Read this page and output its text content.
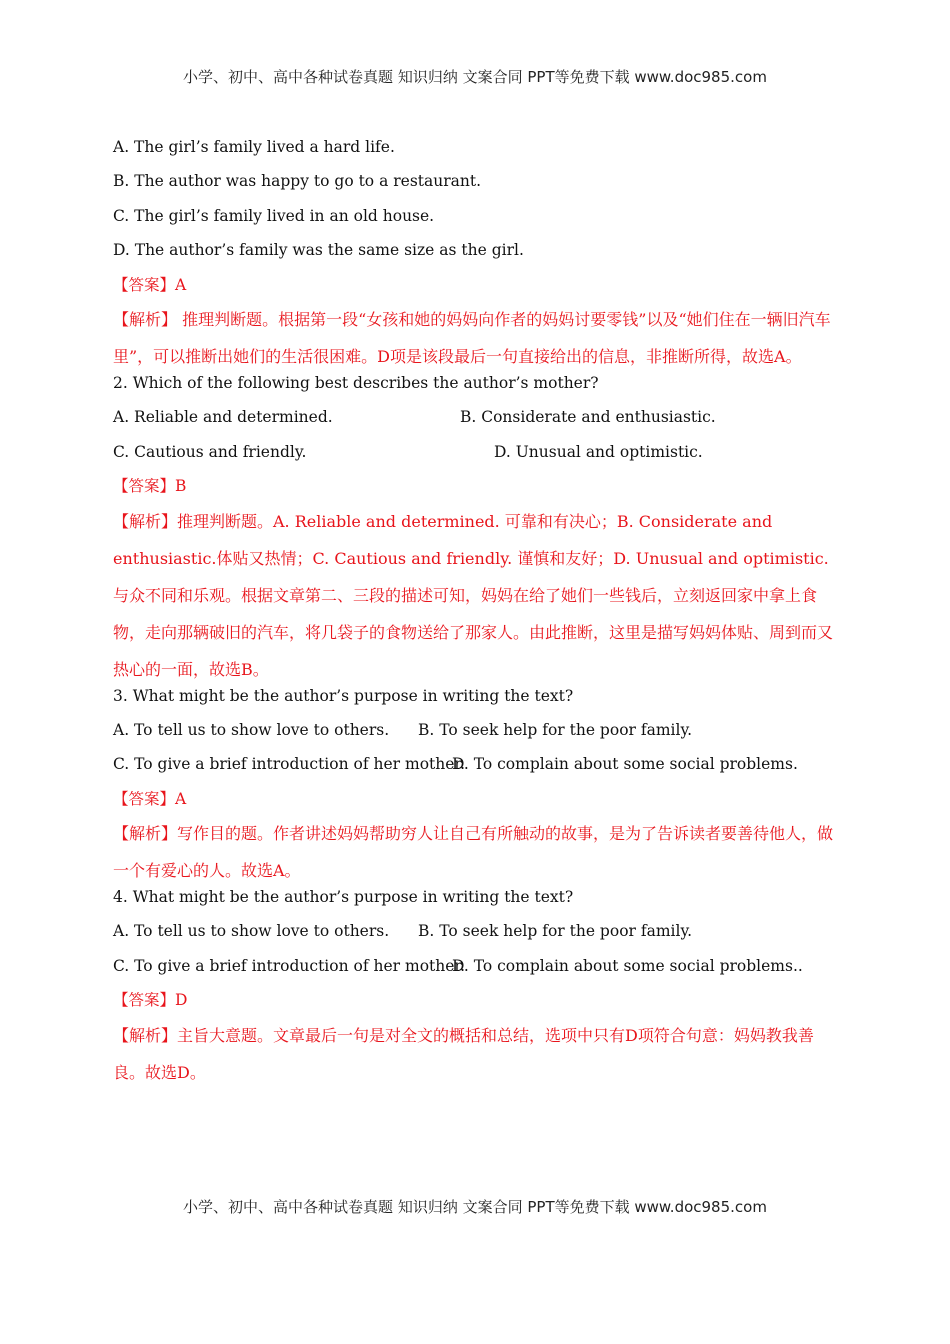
小学、初中、高中各种试卷真题 知识归纳 文案合同 PPT等免费下载 www.doc985.com
A. The girl’s family lived a hard life.
B. The author was happy to go to a restaurant.
C. The girl’s family lived in an old house.
D. The author’s family was the same size as the girl.
【答案】A
【解析】 推理判断题。根据第一段“女孩和她的妈妈向作者的妈妈讨要零钱”以及“她们住在一辆旧汽车里”，可以推断出她们的生活很困难。D项是该段最后一句直接给出的信息，非推断所得，故选A。
2. Which of the following best describes the author’s mother?
A. Reliable and determined.	B. Considerate and enthusiastic.
C. Cautious and friendly.	D. Unusual and optimistic.
【答案】B
【解析】推理判断题。A. Reliable and determined. 可靠和有决心；B. Considerate and enthusiastic.体贴又热情；C. Cautious and friendly. 谨慎和友好；D. Unusual and optimistic. 与众不同和乐观。根据文章第二、三段的描述可知，妈妈在给了她们一些钱后，立刻返回家中拿上食物，走向那辆破旧的汽车，将几袋子的食物送给了那家人。由此推断，这里是描写妈妈体贴、周到而又热心的一面，故选B。
3. What might be the author’s purpose in writing the text?
A. To tell us to show love to others.	B. To seek help for the poor family.
C. To give a brief introduction of her mother.
D. To complain about some social problems.
【答案】A
【解析】写作目的题。作者讲述妈妈帮助穷人让自己有所触动的故事，是为了告诉读者要善待他人，做一个有爱心的人。故选A。
4. What might be the author’s purpose in writing the text?
A. To tell us to show love to others.	B. To seek help for the poor family.
C. To give a brief introduction of her mother.
D. To complain about some social problems..
【答案】D
【解析】主旨大意题。文章最后一句是对全文的概括和总结，选项中只有D项符合句意：妈妈教我善良。故选D。
小学、初中、高中各种试卷真题 知识归纳 文案合同 PPT等免费下载 www.doc985.com
